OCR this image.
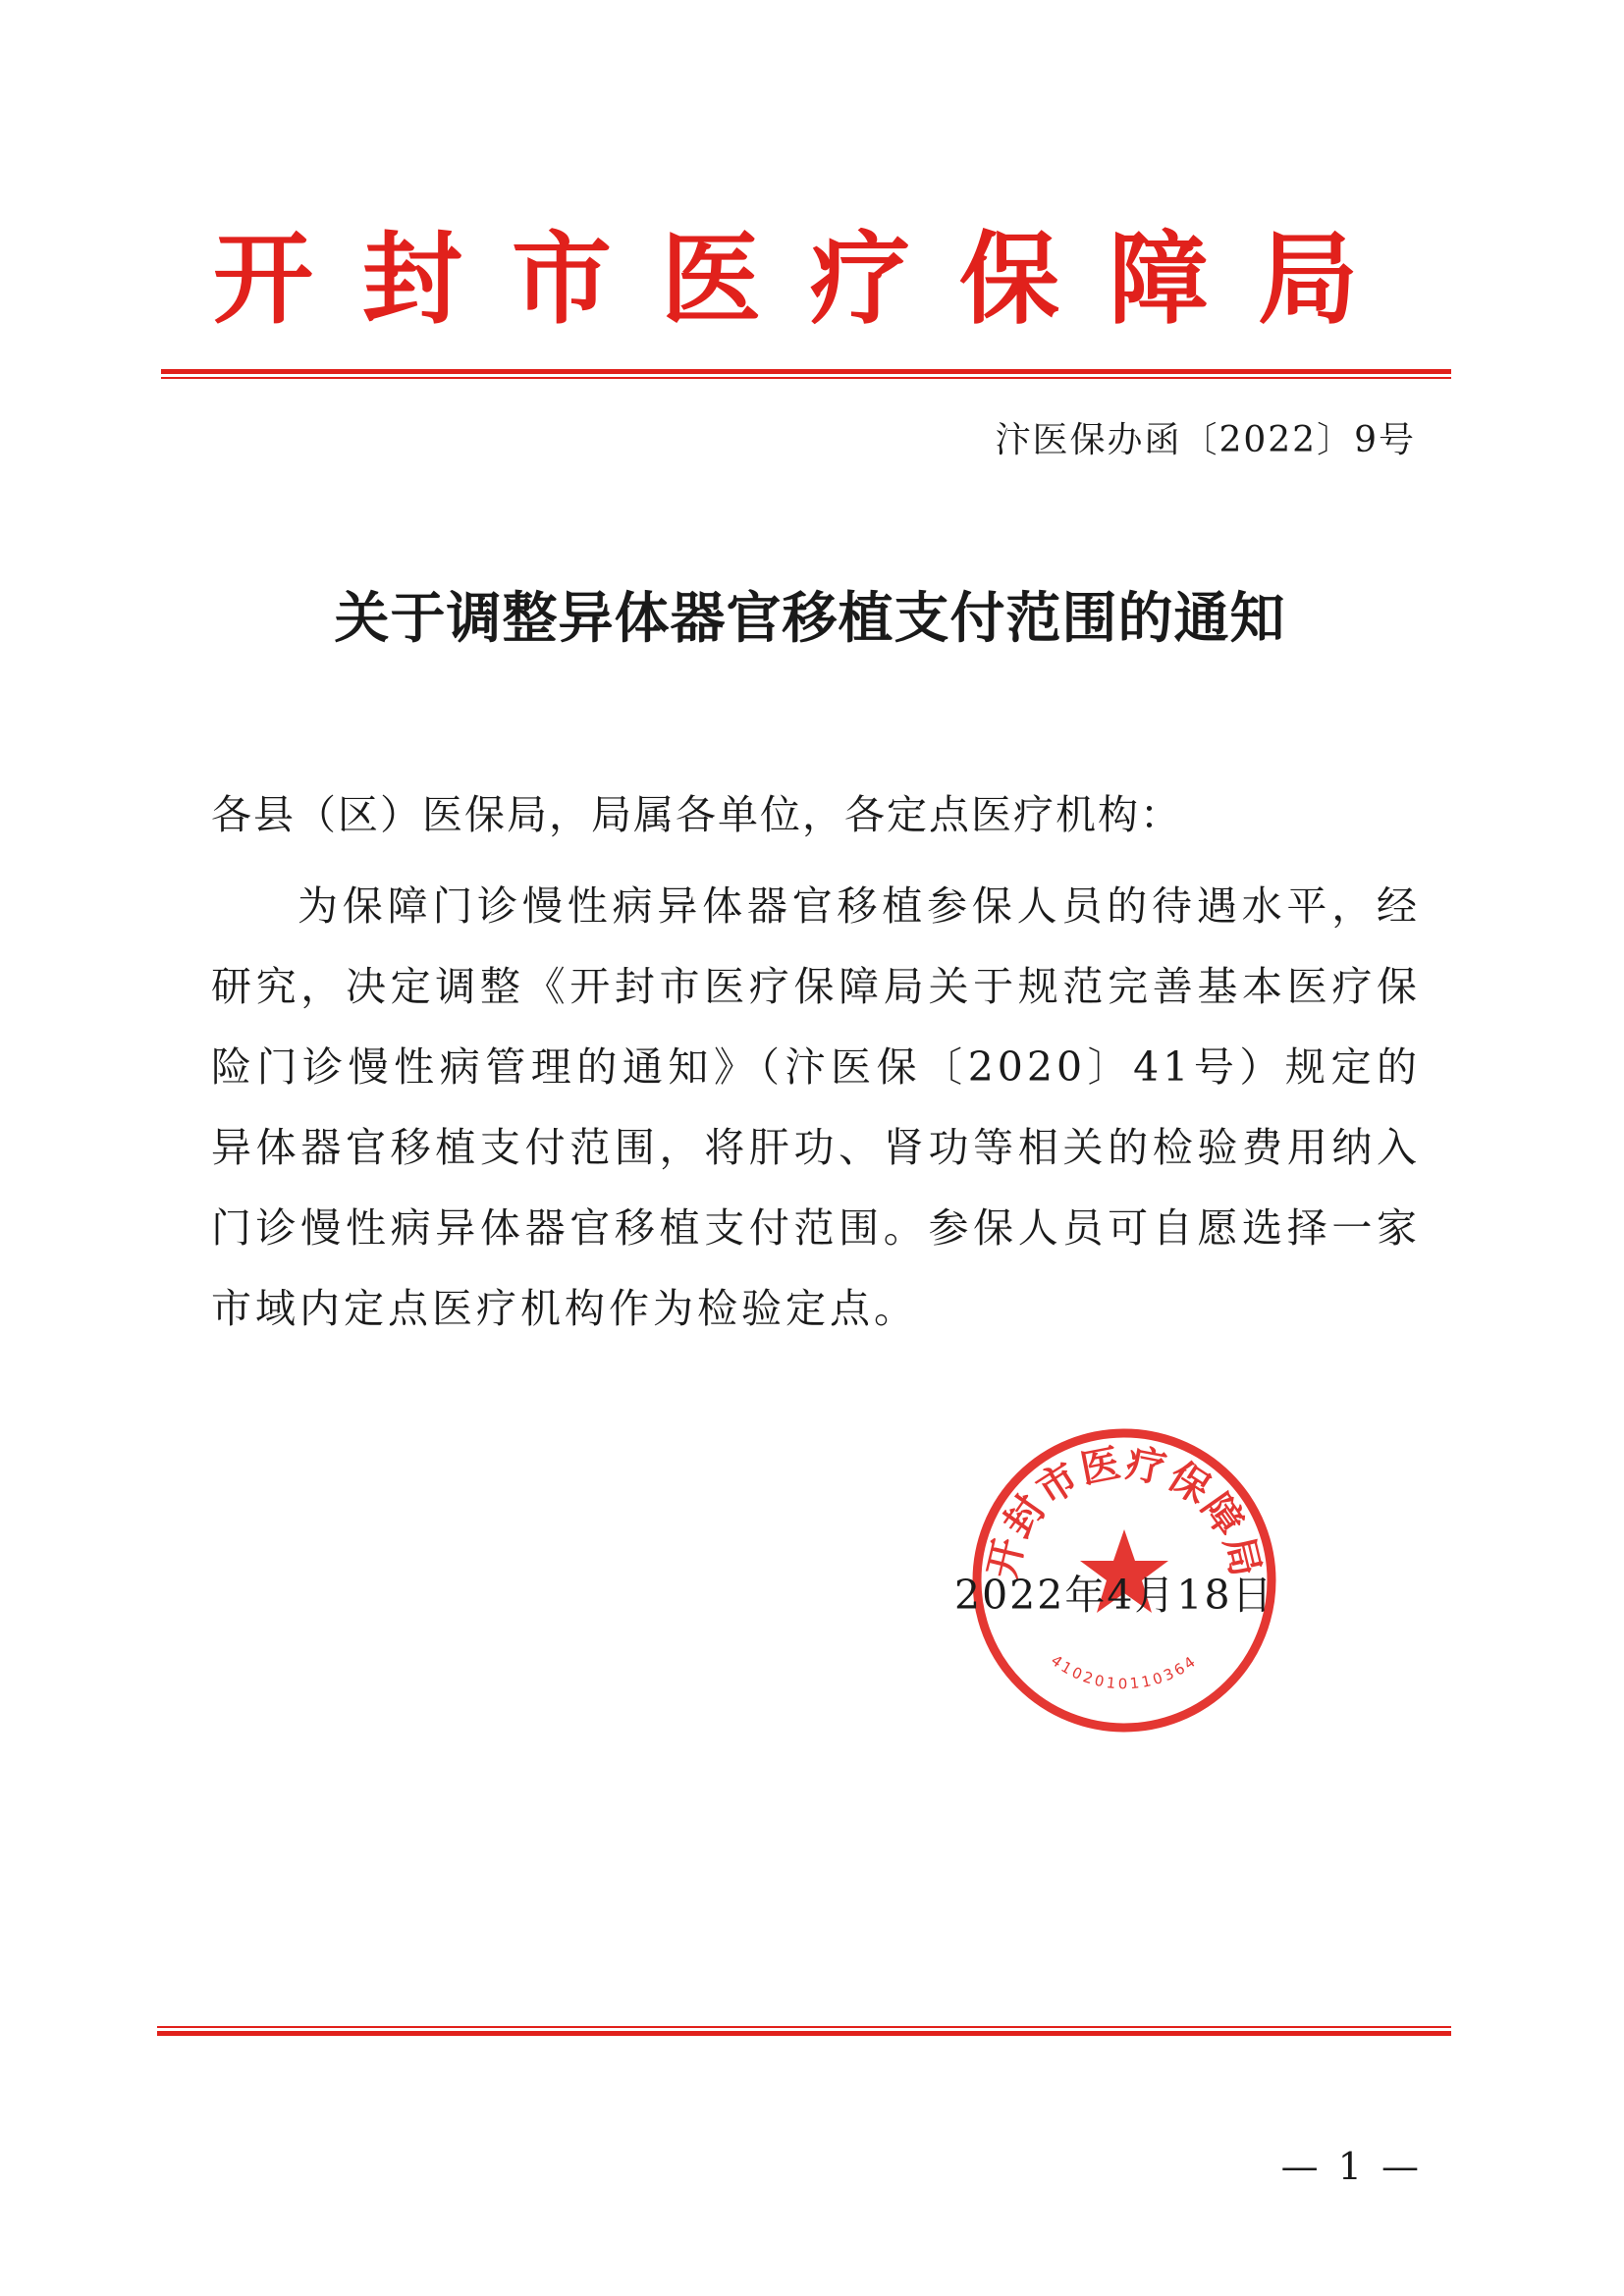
开封市医疗保障局
汴医保办函〔2022〕9号
关于调整异体器官移植支付范围的通知
各县（区）医保局，局属各单位，各定点医疗机构：

为保障门诊慢性病异体器官移植参保人员的待遇水平，经研究，决定调整《开封市医疗保障局关于规范完善基本医疗保险门诊慢性病管理的通知》（汴医保〔2020〕41号）规定的异体器官移植支付范围，将肝功、肾功等相关的检验费用纳入门诊慢性病异体器官移植支付范围。参保人员可自愿选择一家市域内定点医疗机构作为检验定点。

开封市医疗保障局
4102010110364
2022年4月18日
— 1 —
